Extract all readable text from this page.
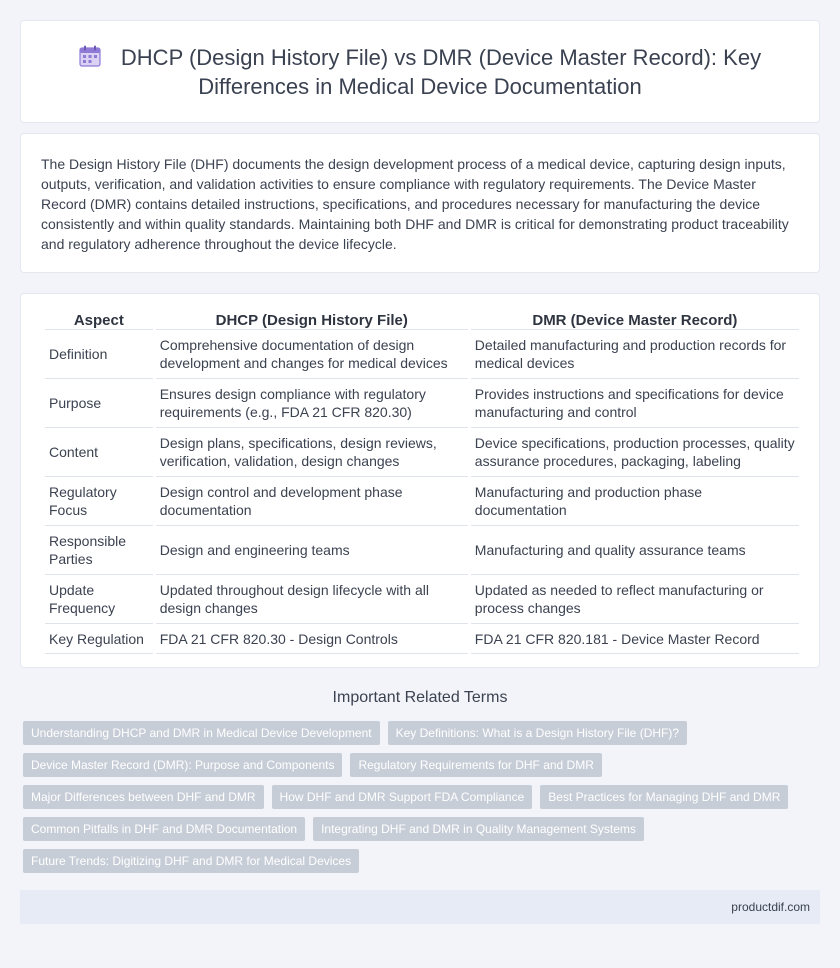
DHCP (Design History File) vs DMR (Device Master Record): Key Differences in Medical Device Documentation

The Design History File (DHF) documents the design development process of a medical device, capturing design inputs, outputs, verification, and validation activities to ensure compliance with regulatory requirements. The Device Master Record (DMR) contains detailed instructions, specifications, and procedures necessary for manufacturing the device consistently and within quality standards. Maintaining both DHF and DMR is critical for demonstrating product traceability and regulatory adherence throughout the device lifecycle.

Aspect	DHCP (Design History File)	DMR (Device Master Record)
Definition	Comprehensive documentation of design development and changes for medical devices	Detailed manufacturing and production records for medical devices
Purpose	Ensures design compliance with regulatory requirements (e.g., FDA 21 CFR 820.30)	Provides instructions and specifications for device manufacturing and control
Content	Design plans, specifications, design reviews, verification, validation, design changes	Device specifications, production processes, quality assurance procedures, packaging, labeling
Regulatory Focus	Design control and development phase documentation	Manufacturing and production phase documentation
Responsible Parties	Design and engineering teams	Manufacturing and quality assurance teams
Update Frequency	Updated throughout design lifecycle with all design changes	Updated as needed to reflect manufacturing or process changes
Key Regulation	FDA 21 CFR 820.30 - Design Controls	FDA 21 CFR 820.181 - Device Master Record
Important Related Terms
Understanding DHCP and DMR in Medical Device Development	Key Definitions: What is a Design History File (DHF)?
Device Master Record (DMR): Purpose and Components	Regulatory Requirements for DHF and DMR
Major Differences between DHF and DMR	How DHF and DMR Support FDA Compliance	Best Practices for Managing DHF and DMR
Common Pitfalls in DHF and DMR Documentation	Integrating DHF and DMR in Quality Management Systems
Future Trends: Digitizing DHF and DMR for Medical Devices
productdif.com
